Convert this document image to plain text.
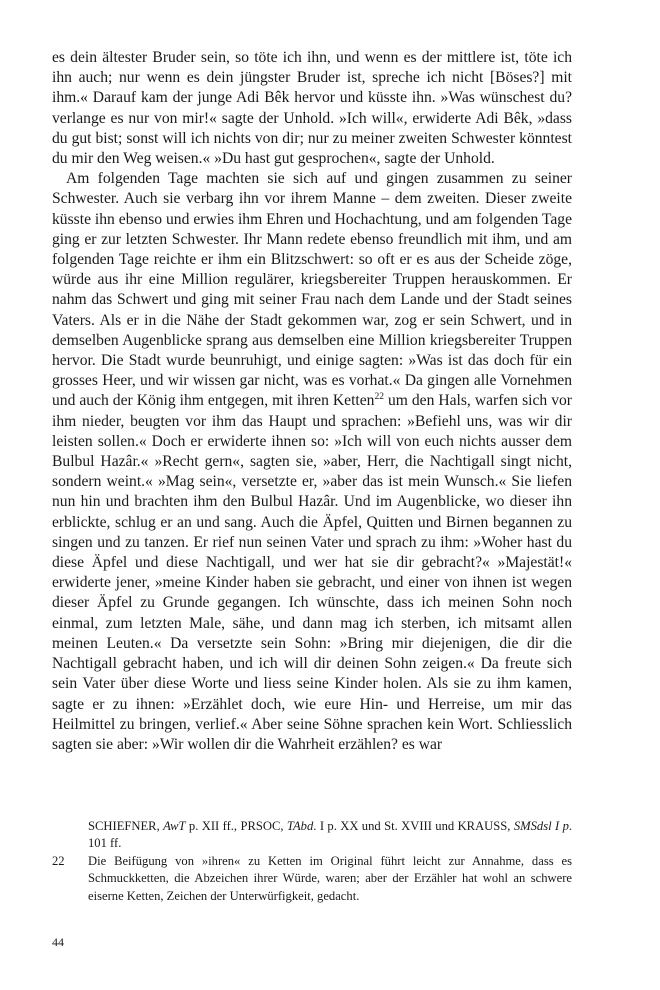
es dein ältester Bruder sein, so töte ich ihn, und wenn es der mittlere ist, töte ich ihn auch; nur wenn es dein jüngster Bruder ist, spreche ich nicht [Böses?] mit ihm.« Darauf kam der junge Adi Bêk hervor und küsste ihn. »Was wünschest du? verlange es nur von mir!« sagte der Unhold. »Ich will«, erwiderte Adi Bêk, »dass du gut bist; sonst will ich nichts von dir; nur zu meiner zweiten Schwester könntest du mir den Weg weisen.« »Du hast gut gesprochen«, sagte der Unhold.

Am folgenden Tage machten sie sich auf und gingen zusammen zu seiner Schwester. Auch sie verbarg ihn vor ihrem Manne – dem zweiten. Dieser zweite küsste ihn ebenso und erwies ihm Ehren und Hochachtung, und am folgenden Tage ging er zur letzten Schwester. Ihr Mann redete ebenso freundlich mit ihm, und am folgenden Tage reichte er ihm ein Blitzschwert: so oft er es aus der Scheide zöge, würde aus ihr eine Million regulärer, kriegsbereiter Truppen herauskommen. Er nahm das Schwert und ging mit seiner Frau nach dem Lande und der Stadt seines Vaters. Als er in die Nähe der Stadt gekommen war, zog er sein Schwert, und in demselben Augenblicke sprang aus demselben eine Million kriegsbereiter Truppen hervor. Die Stadt wurde beunruhigt, und einige sagten: »Was ist das doch für ein grosses Heer, und wir wissen gar nicht, was es vorhat.« Da gingen alle Vornehmen und auch der König ihm entgegen, mit ihren Ketten$^{22}$ um den Hals, warfen sich vor ihm nieder, beugten vor ihm das Haupt und sprachen: »Befiehl uns, was wir dir leisten sollen.« Doch er erwiderte ihnen so: »Ich will von euch nichts ausser dem Bulbul Hazâr.« »Recht gern«, sagten sie, »aber, Herr, die Nachtigall singt nicht, sondern weint.« »Mag sein«, versetzte er, »aber das ist mein Wunsch.« Sie liefen nun hin und brachten ihm den Bulbul Hazâr. Und im Augenblicke, wo dieser ihn erblickte, schlug er an und sang. Auch die Äpfel, Quitten und Birnen begannen zu singen und zu tanzen. Er rief nun seinen Vater und sprach zu ihm: »Woher hast du diese Äpfel und diese Nachtigall, und wer hat sie dir gebracht?« »Majestät!« erwiderte jener, »meine Kinder haben sie gebracht, und einer von ihnen ist wegen dieser Äpfel zu Grunde gegangen. Ich wünschte, dass ich meinen Sohn noch einmal, zum letzten Male, sähe, und dann mag ich sterben, ich mitsamt allen meinen Leuten.« Da versetzte sein Sohn: »Bring mir diejenigen, die dir die Nachtigall gebracht haben, und ich will dir deinen Sohn zeigen.« Da freute sich sein Vater über diese Worte und liess seine Kinder holen. Als sie zu ihm kamen, sagte er zu ihnen: »Erzählet doch, wie eure Hin- und Herreise, um mir das Heilmittel zu bringen, verlief.« Aber seine Söhne sprachen kein Wort. Schliesslich sagten sie aber: »Wir wollen dir die Wahrheit erzählen? es war

SCHIEFNER, AwT p. XII ff., PRSOC, TAbd. I p. XX und St. XVIII und KRAUSS, SMSdsl I p. 101 ff.

22	Die Beifügung von »ihren« zu Ketten im Original führt leicht zur Annahme, dass es Schmuckketten, die Abzeichen ihrer Würde, waren; aber der Erzähler hat wohl an schwere eiserne Ketten, Zeichen der Unterwürfigkeit, gedacht.
44
